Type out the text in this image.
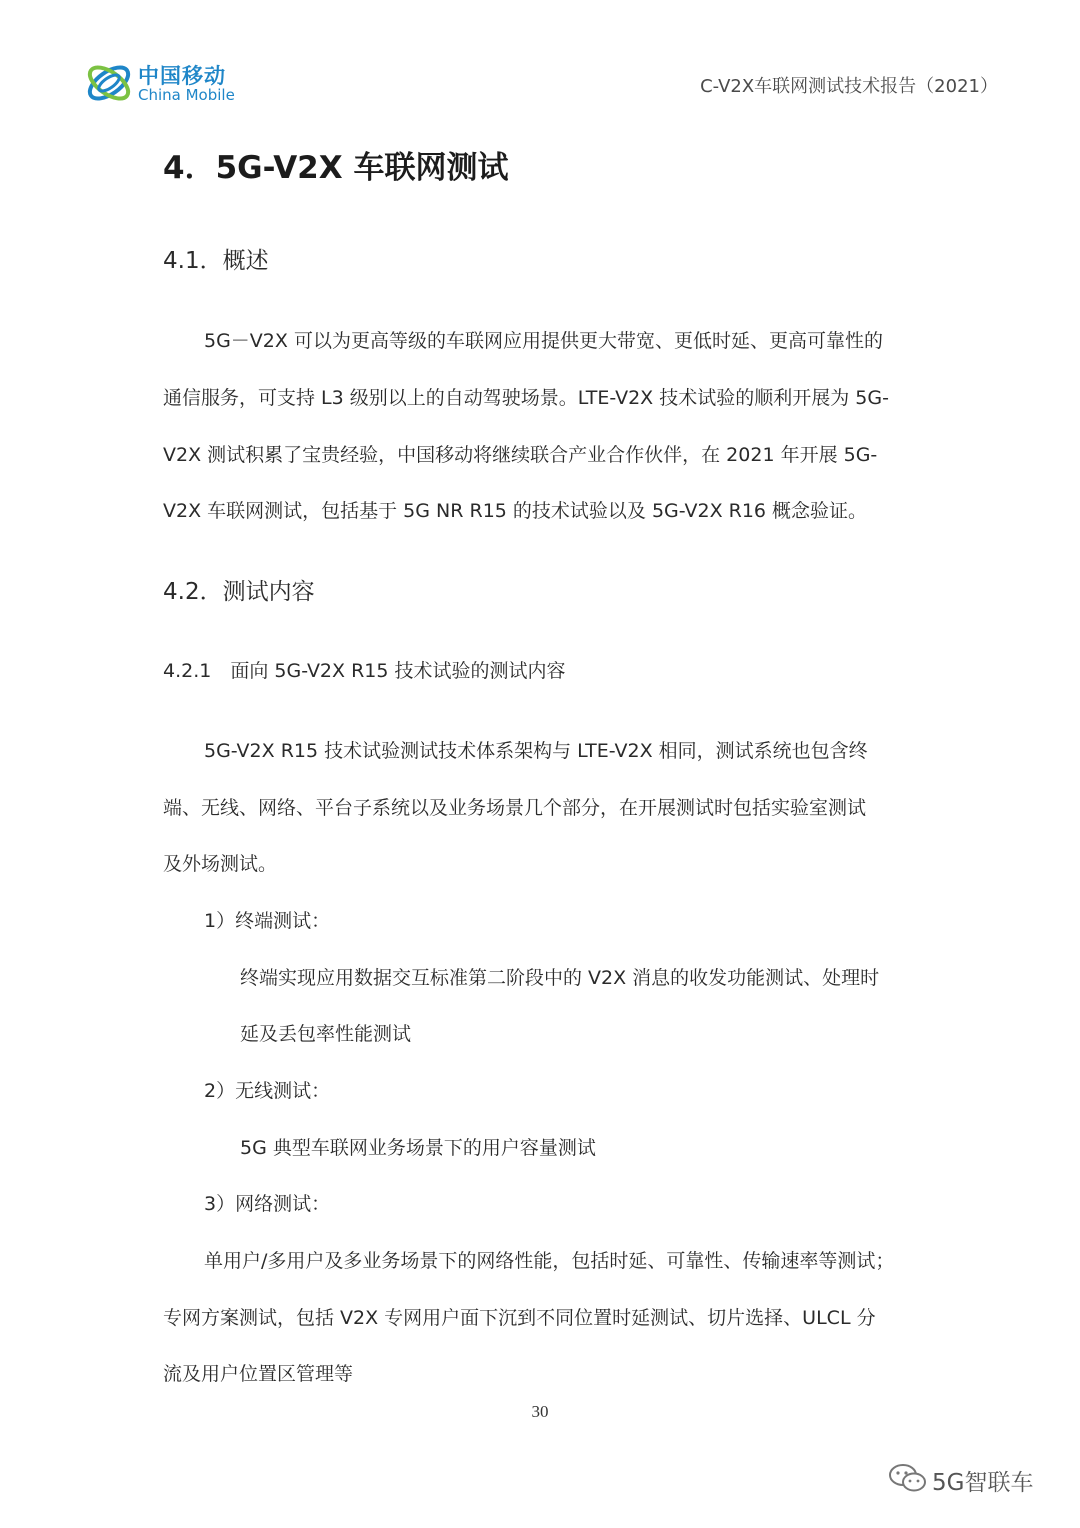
中国移动
China Mobile	C-V2X车联网测试技术报告（2021）
4．5G-V2X 车联网测试
4.1．概述
5G－V2X 可以为更高等级的车联网应用提供更大带宽、更低时延、更高可靠性的
通信服务，可支持 L3 级别以上的自动驾驶场景。LTE-V2X 技术试验的顺利开展为 5G-
V2X 测试积累了宝贵经验，中国移动将继续联合产业合作伙伴，在 2021 年开展 5G-
V2X 车联网测试，包括基于 5G NR R15 的技术试验以及 5G-V2X R16 概念验证。
4.2．测试内容
4.2.1　面向 5G-V2X R15 技术试验的测试内容
5G-V2X R15 技术试验测试技术体系架构与 LTE-V2X 相同，测试系统也包含终
端、无线、网络、平台子系统以及业务场景几个部分，在开展测试时包括实验室测试
及外场测试。
1）终端测试：
终端实现应用数据交互标准第二阶段中的 V2X 消息的收发功能测试、处理时
延及丢包率性能测试
2）无线测试：
5G 典型车联网业务场景下的用户容量测试
3）网络测试：
单用户/多用户及多业务场景下的网络性能，包括时延、可靠性、传输速率等测试；
专网方案测试，包括 V2X 专网用户面下沉到不同位置时延测试、切片选择、ULCL 分
流及用户位置区管理等
30
5G智联车
